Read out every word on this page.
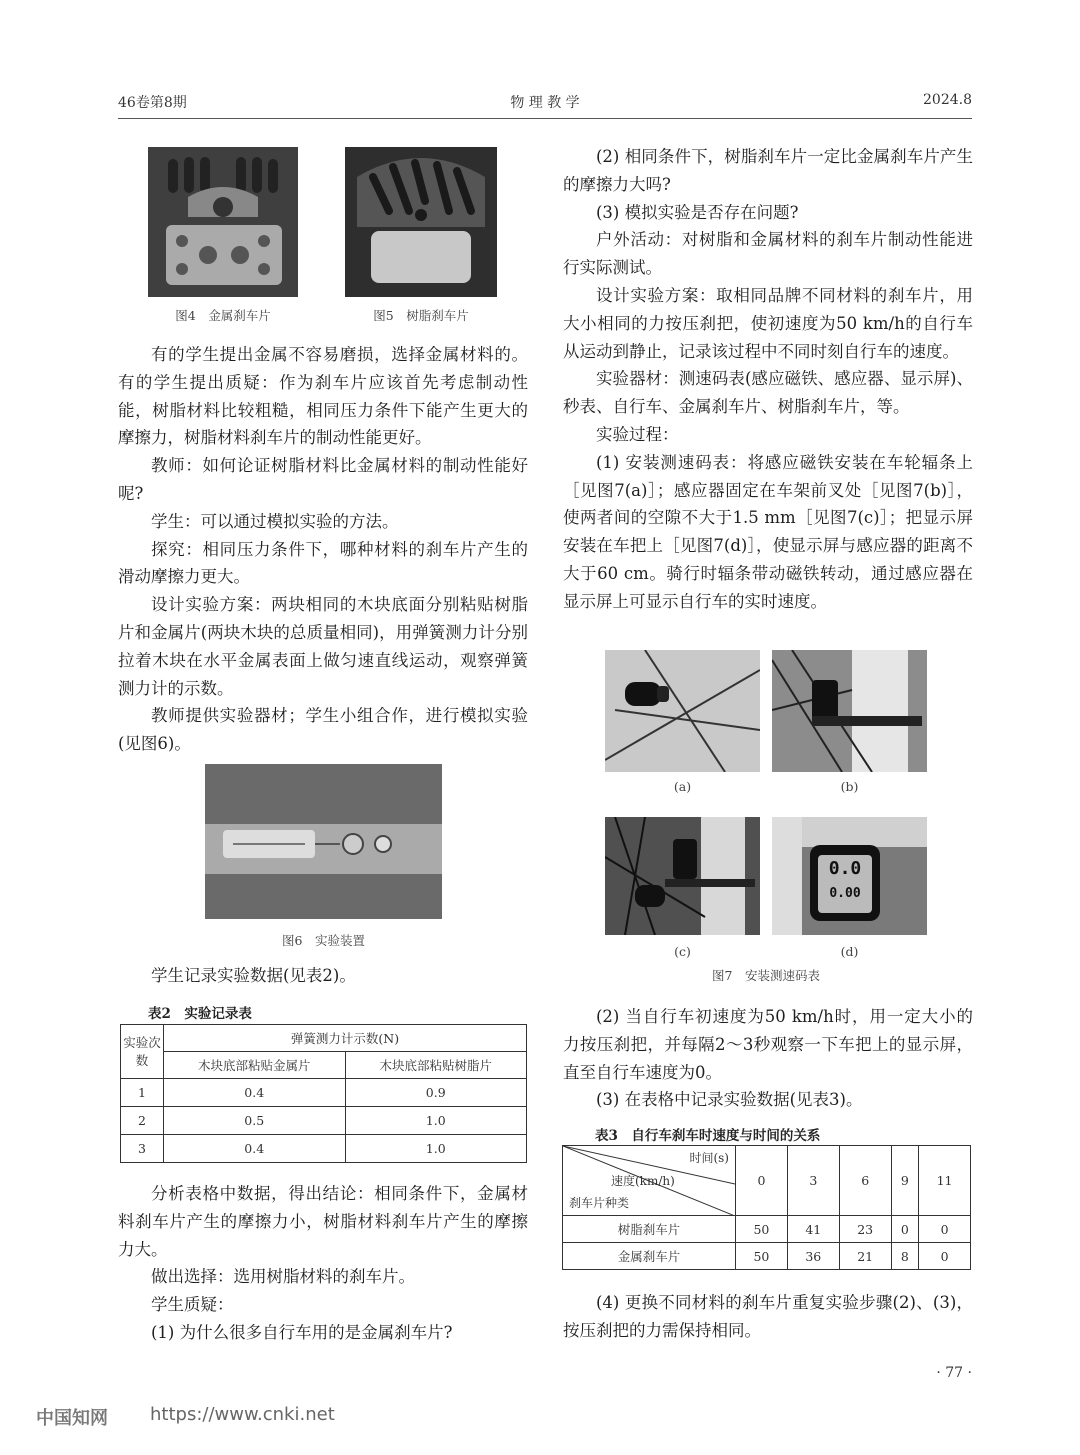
46卷第8期	物 理 教 学	2024.8
图4　金属刹车片	图5　树脂刹车片

有的学生提出金属不容易磨损，选择金属材料的。有的学生提出质疑：作为刹车片应该首先考虑制动性能，树脂材料比较粗糙，相同压力条件下能产生更大的摩擦力，树脂材料刹车片的制动性能更好。

教师：如何论证树脂材料比金属材料的制动性能好呢?

学生：可以通过模拟实验的方法。

探究：相同压力条件下，哪种材料的刹车片产生的滑动摩擦力更大。

设计实验方案：两块相同的木块底面分别粘贴树脂片和金属片(两块木块的总质量相同)，用弹簧测力计分别拉着木块在水平金属表面上做匀速直线运动，观察弹簧测力计的示数。

教师提供实验器材；学生小组合作，进行模拟实验(见图6)。

图6　实验装置

学生记录实验数据(见表2)。

表2　实验记录表
实验次数	弹簧测力计示数(N)	
	木块底部粘贴金属片	木块底部粘贴树脂片
1	0.4	0.9
2	0.5	1.0
3	0.4	1.0

分析表格中数据，得出结论：相同条件下，金属材料刹车片产生的摩擦力小，树脂材料刹车片产生的摩擦力大。

做出选择：选用树脂材料的刹车片。

学生质疑：

(1) 为什么很多自行车用的是金属刹车片?

(2) 相同条件下，树脂刹车片一定比金属刹车片产生的摩擦力大吗?

(3) 模拟实验是否存在问题?

户外活动：对树脂和金属材料的刹车片制动性能进行实际测试。

设计实验方案：取相同品牌不同材料的刹车片，用大小相同的力按压刹把，使初速度为50 km/h的自行车从运动到静止，记录该过程中不同时刻自行车的速度。

实验器材：测速码表(感应磁铁、感应器、显示屏)、秒表、自行车、金属刹车片、树脂刹车片，等。

实验过程：

(1) 安装测速码表：将感应磁铁安装在车轮辐条上［见图7(a)］；感应器固定在车架前叉处［见图7(b)］，使两者间的空隙不大于1.5 mm［见图7(c)］；把显示屏安装在车把上［见图7(d)］，使显示屏与感应器的距离不大于60 cm。骑行时辐条带动磁铁转动，通过感应器在显示屏上可显示自行车的实时速度。

(a)	(b)
0.0
0.00
(c)	(d)
图7　安装测速码表

(2) 当自行车初速度为50 km/h时，用一定大小的力按压刹把，并每隔2～3秒观察一下车把上的显示屏，直至自行车速度为0。

(3) 在表格中记录实验数据(见表3)。

表3　自行车刹车时速度与时间的关系
时间(s)
速度(km/h)
刹车片种类	0	3	6	9	11
树脂刹车片	50	41	23	0	0
金属刹车片	50	36	21	8	0

(4) 更换不同材料的刹车片重复实验步骤(2)、(3)，按压刹把的力需保持相同。

· 77 ·
中国知网 https://www.cnki.net
